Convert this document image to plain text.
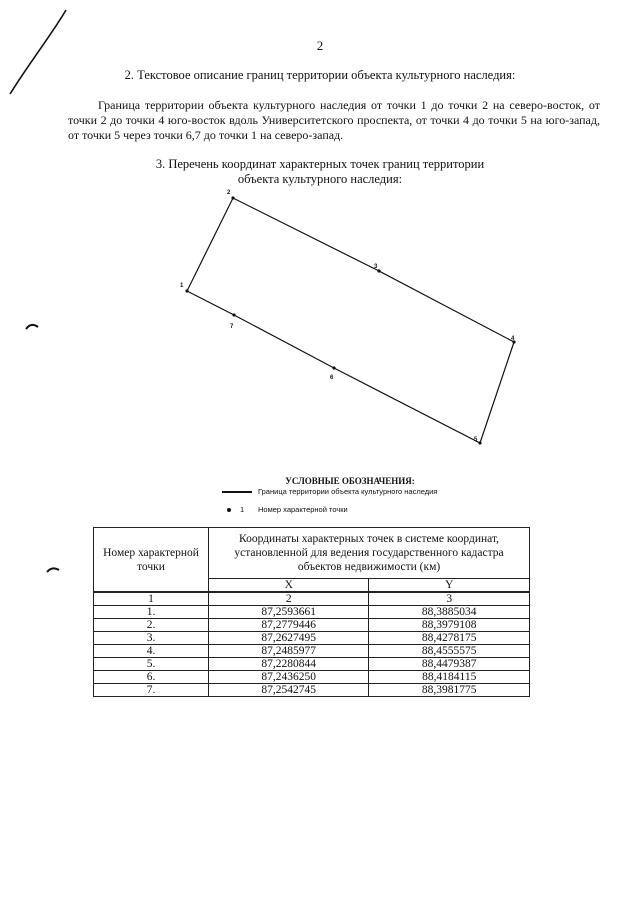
2
2. Текстовое описание границ территории объекта культурного наследия:
Граница территории объекта культурного наследия от точки 1 до точки 2 на северо-восток, от точки 2 до точки 4 юго-восток вдоль Университетского проспекта, от точки 4 до точки 5 на юго-запад, от точки 5 через точки 6,7 до точки 1 на северо-запад.
3. Перечень координат характерных точек границ территории
объекта культурного наследия:
1
2
3
4
5
6
7
УСЛОВНЫЕ ОБОЗНАЧЕНИЯ:
Граница территории объекта культурного наследия
1 Номер характерной точки
Номер характерной точки	Координаты характерных точек в системе координат, установленной для ведения государственного кадастра объектов недвижимости (км)	
	X	Y
1	2	3
1.	87,2593661	88,3885034
2.	87,2779446	88,3979108
3.	87,2627495	88,4278175
4.	87,2485977	88,4555575
5.	87,2280844	88,4479387
6.	87,2436250	88,4184115
7.	87,2542745	88,3981775
